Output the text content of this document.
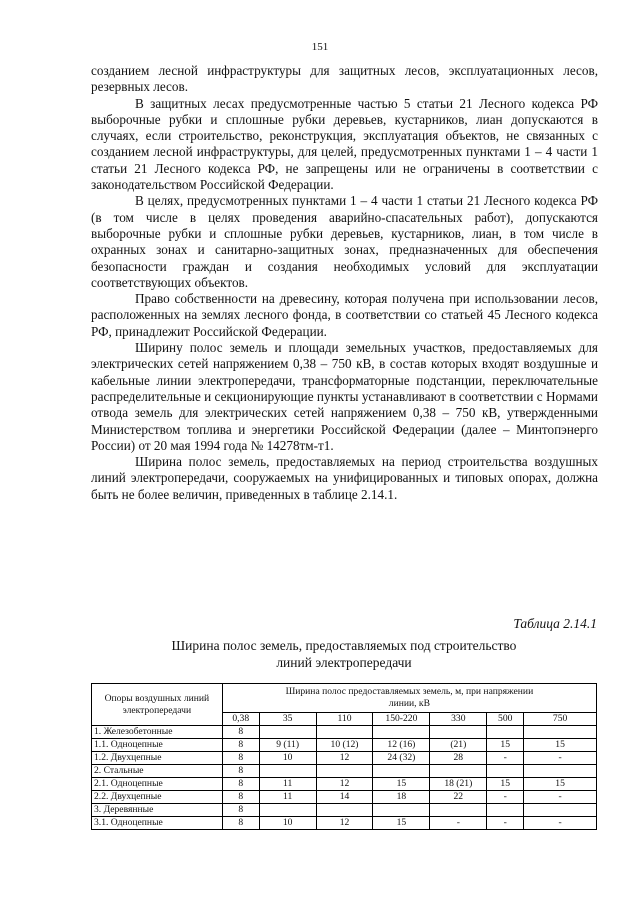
151

созданием лесной инфраструктуры для защитных лесов, эксплуатационных лесов, резервных лесов.

В защитных лесах предусмотренные частью 5 статьи 21 Лесного кодекса РФ выборочные рубки и сплошные рубки деревьев, кустарников, лиан допускаются в случаях, если строительство, реконструкция, эксплуатация объектов, не связанных с созданием лесной инфраструктуры, для целей, предусмотренных пунктами 1 – 4 части 1 статьи 21 Лесного кодекса РФ, не запрещены или не ограничены в соответствии с законодательством Российской Федерации.

В целях, предусмотренных пунктами 1 – 4 части 1 статьи 21 Лесного кодекса РФ (в том числе в целях проведения аварийно-спасательных работ), допускаются выборочные рубки и сплошные рубки деревьев, кустарников, лиан, в том числе в охранных зонах и санитарно-защитных зонах, предназначенных для обеспечения безопасности граждан и создания необходимых условий для эксплуатации соответствующих объектов.

Право собственности на древесину, которая получена при использовании лесов, расположенных на землях лесного фонда, в соответствии со статьей 45 Лесного кодекса РФ, принадлежит Российской Федерации.

Ширину полос земель и площади земельных участков, предоставляемых для электрических сетей напряжением 0,38 – 750 кВ, в состав которых входят воздушные и кабельные линии электропередачи, трансформаторные подстанции, переключательные распределительные и секционирующие пункты устанавливают в соответствии с Нормами отвода земель для электрических сетей напряжением 0,38 – 750 кВ, утвержденными Министерством топлива и энергетики Российской Федерации (далее – Минтопэнерго России) от 20 мая 1994 года № 14278тм-т1.

Ширина полос земель, предоставляемых на период строительства воздушных линий электропередачи, сооружаемых на унифицированных и типовых опорах, должна быть не более величин, приведенных в таблице 2.14.1.

Таблица 2.14.1
Ширина полос земель, предоставляемых под строительство
линий электропередачи
Опоры воздушных линий электропередачи	Ширина полос предоставляемых земель, м, при напряжении линии, кВ						
	0,38	35	110	150-220	330	500	750
1. Железобетонные	8						
1.1. Одноцепные	8	9 (11)	10 (12)	12 (16)	(21)	15	15
1.2. Двухцепные	8	10	12	24 (32)	28	-	-
2. Стальные	8						
2.1. Одноцепные	8	11	12	15	18 (21)	15	15
2.2. Двухцепные	8	11	14	18	22	-	-
3. Деревянные	8						
3.1. Одноцепные	8	10	12	15	-	-	-
